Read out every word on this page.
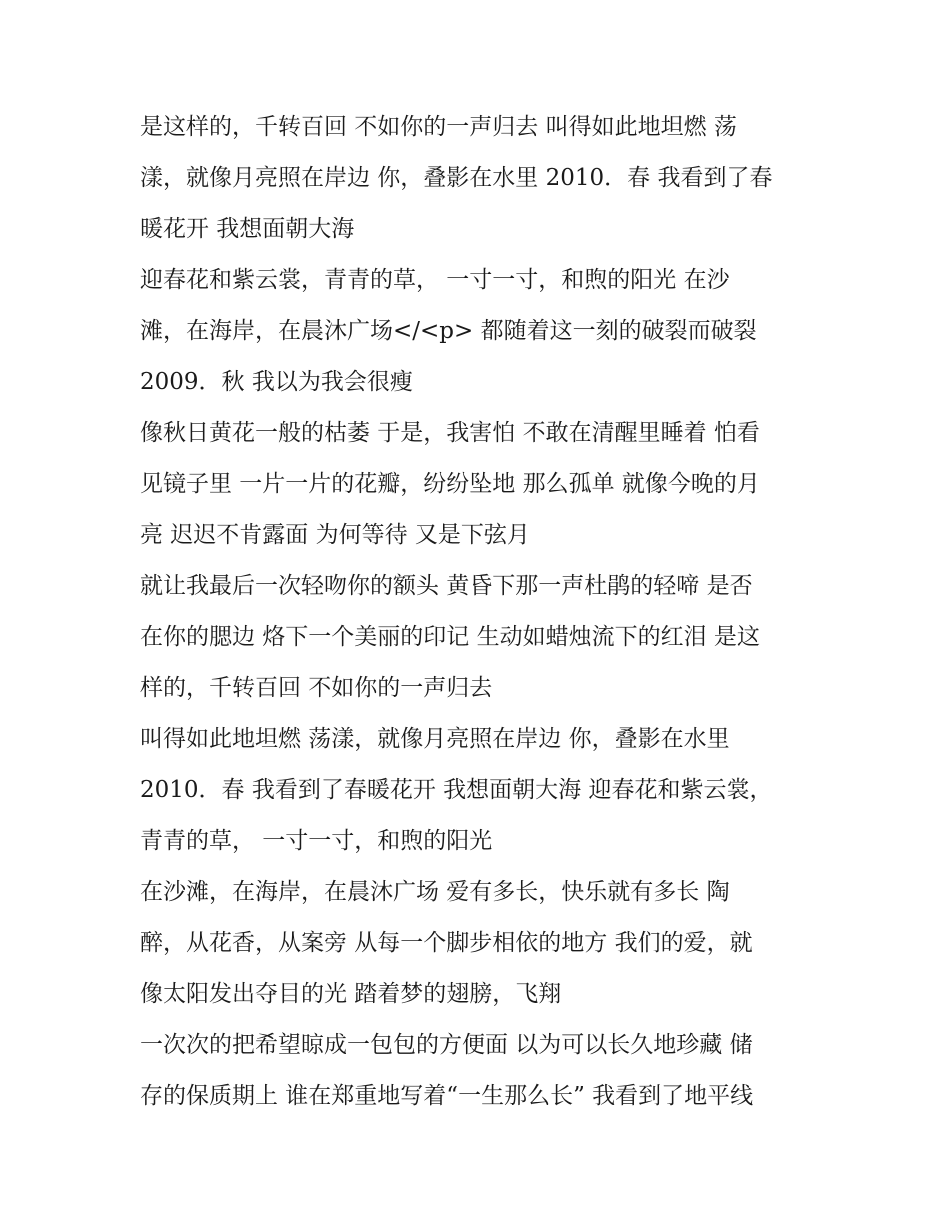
是这样的，千转百回 不如你的一声归去 叫得如此地坦燃 荡
漾，就像月亮照在岸边 你，叠影在水里 2010．春 我看到了春
暖花开 我想面朝大海

迎春花和紫云裳，青青的草， 一寸一寸，和煦的阳光 在沙
滩，在海岸，在晨沐广场</<p> 都随着这一刻的破裂而破裂
2009．秋 我以为我会很瘦

像秋日黄花一般的枯萎 于是，我害怕 不敢在清醒里睡着 怕看
见镜子里 一片一片的花瓣，纷纷坠地 那么孤单 就像今晚的月
亮 迟迟不肯露面 为何等待 又是下弦月

就让我最后一次轻吻你的额头 黄昏下那一声杜鹃的轻啼 是否
在你的腮边 烙下一个美丽的印记 生动如蜡烛流下的红泪 是这
样的，千转百回 不如你的一声归去

叫得如此地坦燃 荡漾，就像月亮照在岸边 你，叠影在水里
2010．春 我看到了春暖花开 我想面朝大海 迎春花和紫云裳，
青青的草， 一寸一寸，和煦的阳光

在沙滩，在海岸，在晨沐广场 爱有多长，快乐就有多长 陶
醉，从花香，从案旁 从每一个脚步相依的地方 我们的爱，就
像太阳发出夺目的光 踏着梦的翅膀，飞翔

一次次的把希望晾成一包包的方便面 以为可以长久地珍藏 储
存的保质期上 谁在郑重地写着“一生那么长” 我看到了地平线
